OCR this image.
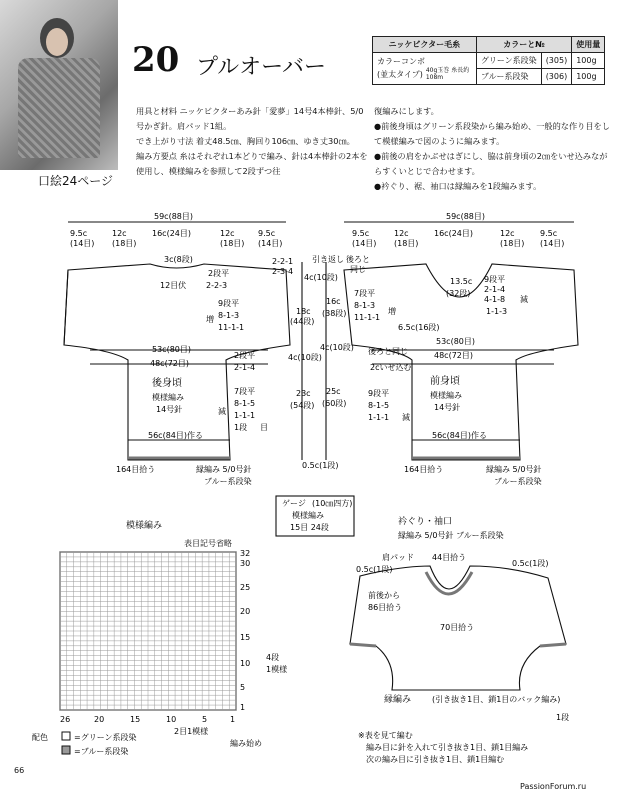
口絵24ページ
20 プルオーバー
ニッケビクター毛糸	カラーと№		使用量

カラーコンボ
(並太タイプ) 40g玉巻 糸長約108m	グリーン系段染	(305)	100g
	ブルー系段染	(306)	100g
用具と材料 ニッケビクターあみ針「愛夢」14号4本棒針、5/0号かぎ針。肩パッド1組。
でき上がり寸法 着丈48.5㎝、胸回り106㎝、ゆき丈30㎝。
編み方要点 糸はそれぞれ1本どりで編み、針は4本棒針の2本を使用し、模様編みを参照して2段ずつ往
復編みにします。
●前後身頃はグリーン系段染から編み始め、一般的な作り目をして模様編みで図のように編みます。
●前後の肩をかぶせはぎにし、脇は前身頃の2㎝をいせ込みながらすくいとじで合わせます。
●衿ぐり、裾、袖口は縁編みを1段編みます。
59c(88目)
9.5c	12c	16c(24目)	12c	9.5c
(14目) (18目)	(18目) (14目)
3c(8段)
12目伏
2段平
2-2-3
9段平
8-1-3
11-1-1
増
53c(80目)
48c(72目)
2段平
2-1-4
後身頃
模様編み
14号針
7段平
8-1-5
1-1-1
減
1段 目
56c(84目)作る
164目拾う	縁編み 5/0号針
ブルー系段染
2-2-1
2-3-4
引き返し
4c(10段)
18c
(44段)
16c
(38段)
4c(10段)
4c(10段)
23c
(54段)
25c
(60段)
0.5c(1段)
59c(88目)
9.5c	12c	16c(24目)	12c	9.5c
(14目) (18目)	(18目) (14目)
後ろと
同じ
13.5c
(32段)
9段平
2-1-4
4-1-8
1-1-3
減
7段平
8-1-3
11-1-1
増
6.5c(16段)
53c(80目)
48c(72目)
後ろと同じ
2cいせ込む
前身頃
模様編み
14号針
9段平
8-1-5
1-1-1 減
56c(84目)作る
164目拾う	縁編み 5/0号針
ブルー系段染
ゲージ (10㎝四方)
模様編み
15目 24段
模様編み
表目記号省略
32
30
25
20
15
10
5
1
26	20	15	10	5	1
4段
1模様
編み始め
2目1模様
配色	=グリーン系段染
=ブルー系段染
衿ぐり・袖口
縁編み 5/0号針 ブルー系段染
肩パッド
0.5c(1段)
44目拾う
0.5c(1段)
前後から
86目拾う
70目拾う
縁編み	(引き抜き1目、鎖1目のバック編み)
1段
※表を見て編む
編み目に針を入れて引き抜き1目、鎖1目編み
次の編み目に引き抜き1目、鎖1目編む
66
PassionForum.ru
